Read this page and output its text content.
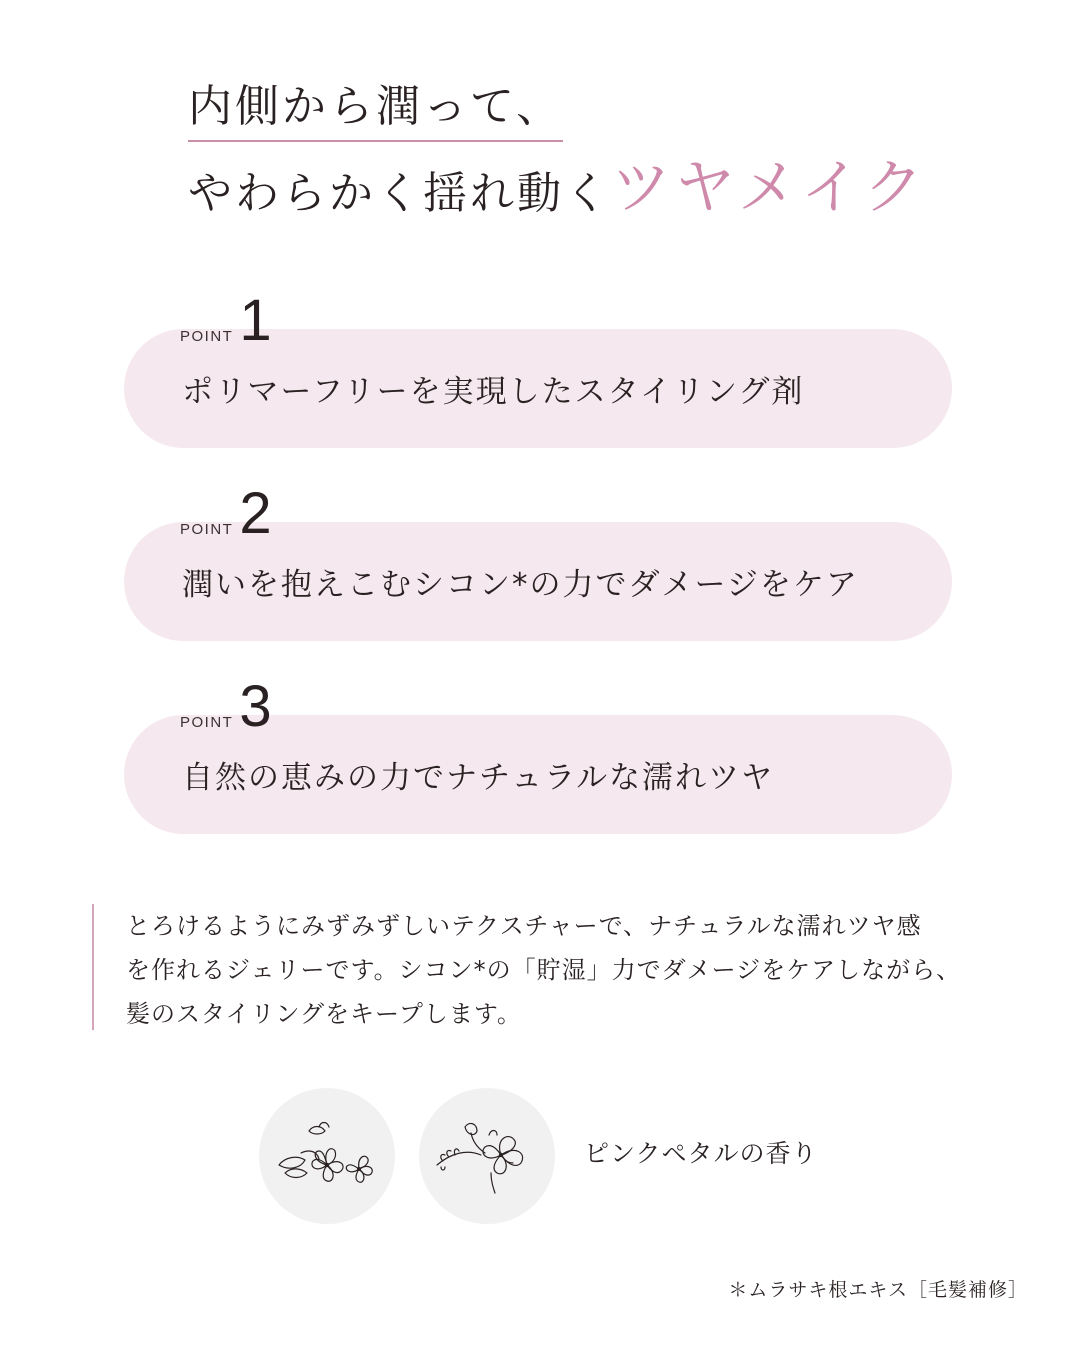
内側から潤って、
やわらかく揺れ動くツヤメイク
POINT 1
ポリマーフリーを実現したスタイリング剤
POINT 2
潤いを抱えこむシコン*の力でダメージをケア
POINT 3
自然の恵みの力でナチュラルな濡れツヤ

とろけるようにみずみずしいテクスチャーで、ナチュラルな濡れツヤ感

を作れるジェリーです。シコン*の「貯湿」力でダメージをケアしながら、

髪のスタイリングをキープします。

ピンクペタルの香り
＊ムラサキ根エキス［毛髪補修］
